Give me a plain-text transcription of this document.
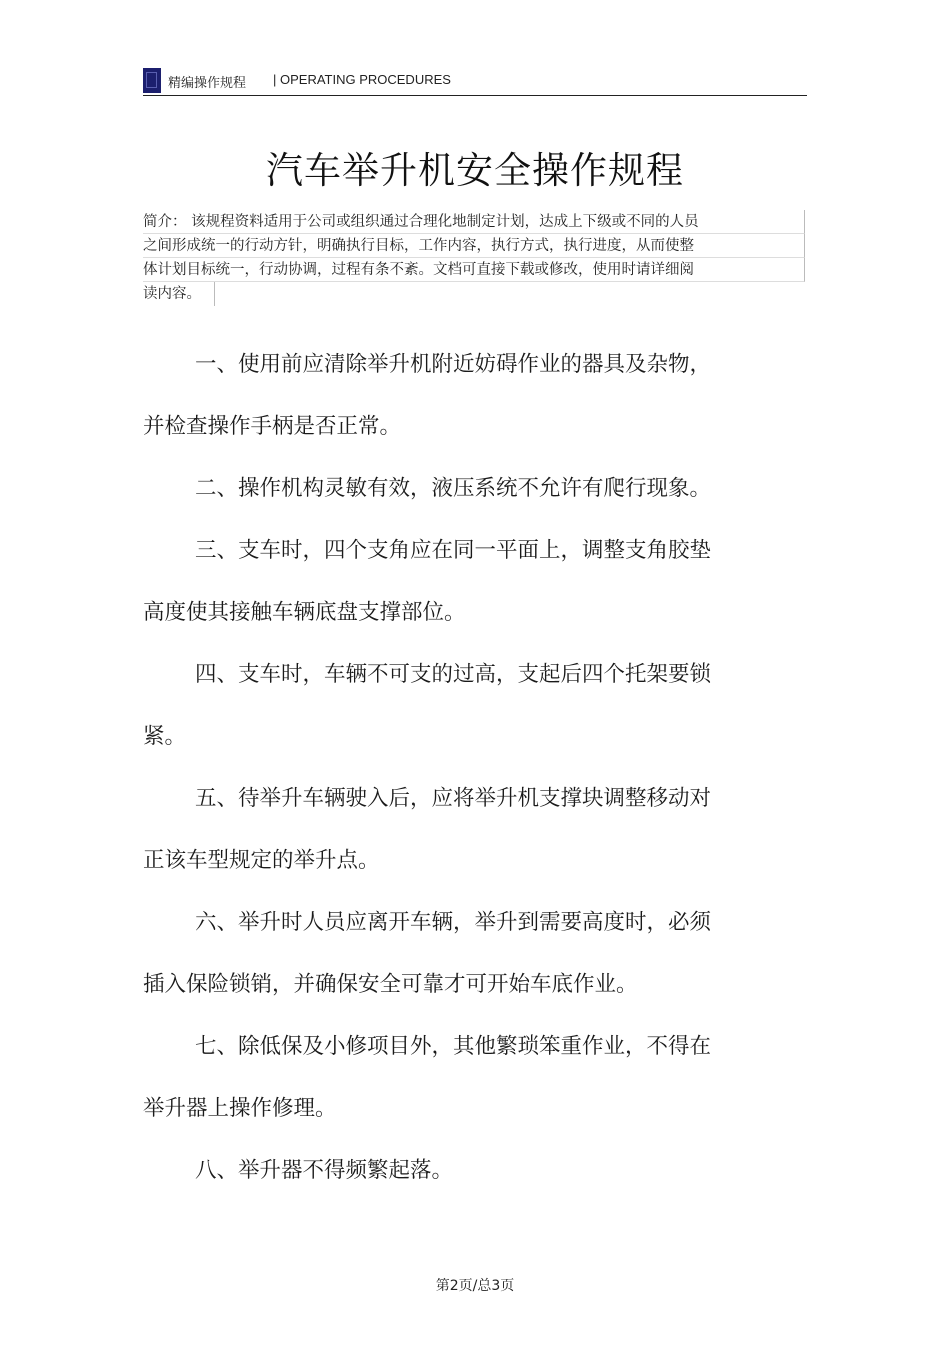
精编操作规程 | OPERATING PROCEDURES
汽车举升机安全操作规程
简介： 该规程资料适用于公司或组织通过合理化地制定计划，达成上下级或不同的人员
之间形成统一的行动方针，明确执行目标，工作内容，执行方式，执行进度，从而使整
体计划目标统一，行动协调，过程有条不紊。文档可直接下载或修改，使用时请详细阅
读内容。
一、使用前应清除举升机附近妨碍作业的器具及杂物，
并检查操作手柄是否正常。
二、操作机构灵敏有效，液压系统不允许有爬行现象。
三、支车时，四个支角应在同一平面上，调整支角胶垫
高度使其接触车辆底盘支撑部位。
四、支车时，车辆不可支的过高，支起后四个托架要锁
紧。
五、待举升车辆驶入后，应将举升机支撑块调整移动对
正该车型规定的举升点。
六、举升时人员应离开车辆，举升到需要高度时，必须
插入保险锁销，并确保安全可靠才可开始车底作业。
七、除低保及小修项目外，其他繁琐笨重作业，不得在
举升器上操作修理。
八、举升器不得频繁起落。
第2页/总3页
